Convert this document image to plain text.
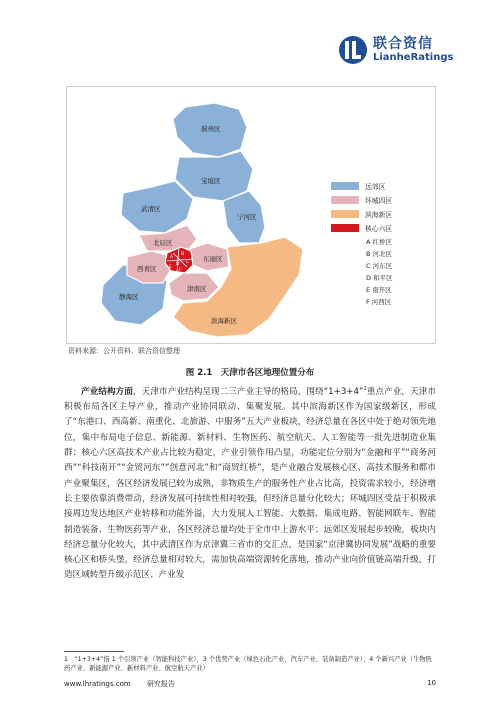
联合资信
LianheRatings
蓟州区
宝坻区
武清区
宁河区
北辰区
东丽区
西青区
津南区
静海区
滨海新区
A
B
C
D
E
F
远郊区
环城四区
滨海新区
核心六区
A 红桥区
B 河北区
C 河东区
D 和平区
E 南开区
F 河西区
资料来源：公开资料、联合资信整理
图 2.1　天津市各区地理位置分布

产业结构方面，天津市产业结构呈现二三产业主导的格局，围绕“1+3+4”$^1$重点产业，天津市积极布局各区主导产业，推动产业协同联动、集聚发展。其中滨海新区作为国家级新区，形成了“东港口、西高新、南重化、北旅游、中服务”五大产业板块，经济总量在各区中处于绝对领先地位，集中布局电子信息、新能源、新材料、生物医药、航空航天、人工智能等一批先进制造业集群；核心六区高技术产业占比较为稳定，产业引领作用凸显，功能定位分别为“金融和平”“商务河西”“科技南开”“金贸河东”“创意河北”和“商贸红桥”，是产业融合发展核心区、高技术服务和都市产业聚集区，各区经济发展已较为成熟，非物质生产的服务性产业占比高，投资需求较小，经济增长主要依靠消费带动，经济发展可持续性相对较强，但经济总量分化较大；环城四区受益于积极承接周边发达地区产业转移和功能外溢，大力发展人工智能、大数据、集成电路、智能网联车、智能制造装备、生物医药等产业，各区经济总量均处于全市中上游水平；远郊区发展起步较晚，板块内经济总量分化较大，其中武清区作为京津冀三省市的交汇点，是国家“京津冀协同发展”战略的重要核心区和桥头堡，经济总量相对较大，需加快高端资源转化落地，推动产业向价值链高端升级，打造区域转型升级示范区、产业发

1　“1+3+4”指 1 个引领产业（智能科技产业）、3 个优势产业（绿色石化产业、汽车产业、装备制造产业）、4 个新兴产业（生物医药产业、新能源产业、新材料产业、航空航天产业）
www.lhratings.com 研究报告	10
